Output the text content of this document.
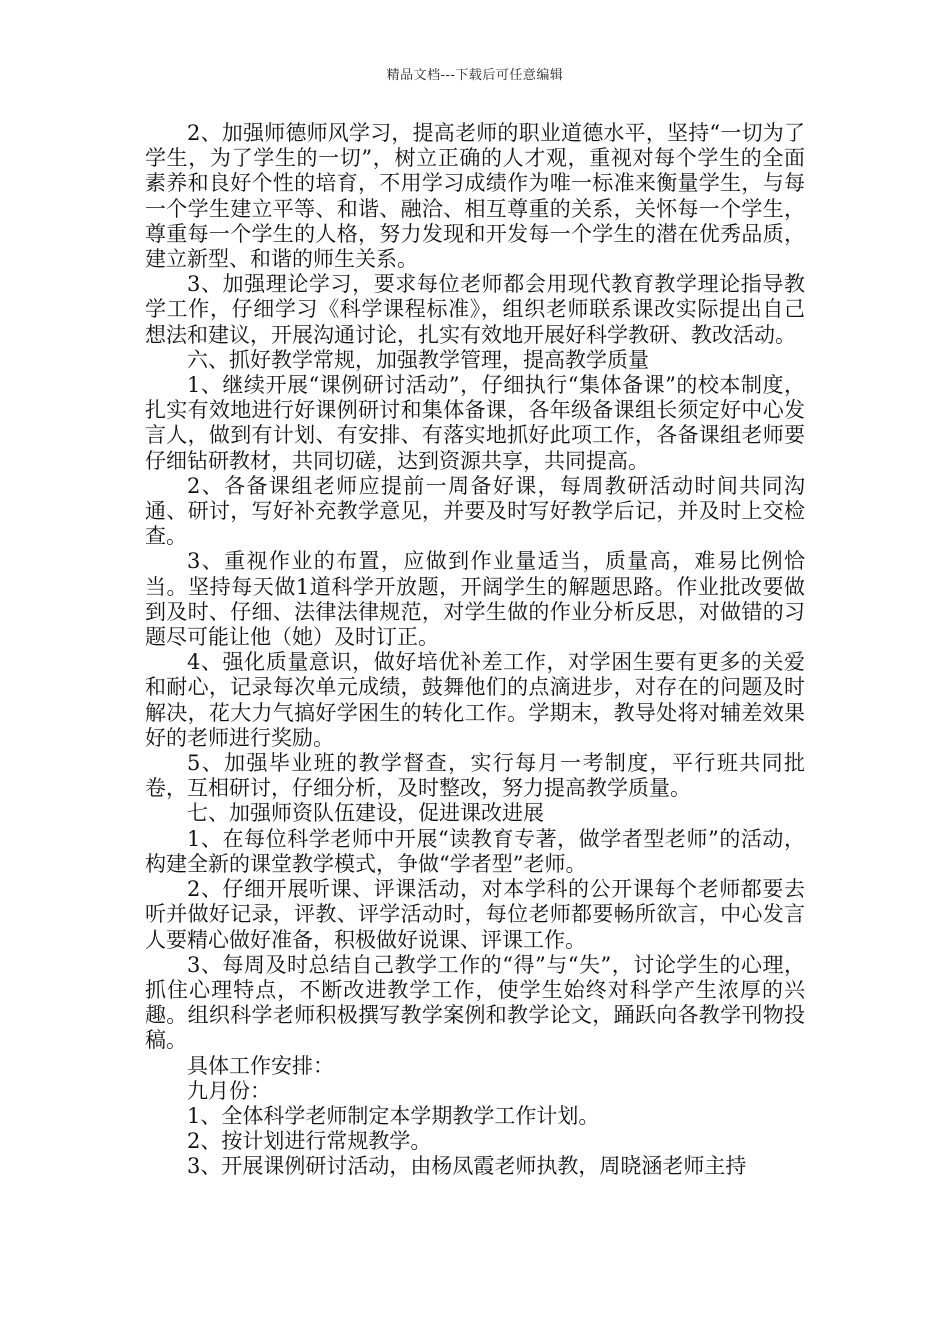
精品文档---下载后可任意编辑

2、加强师德师风学习，提高老师的职业道德水平，坚持“一切为了学生，为了学生的一切”，树立正确的人才观，重视对每个学生的全面素养和良好个性的培育，不用学习成绩作为唯一标准来衡量学生，与每一个学生建立平等、和谐、融洽、相互尊重的关系，关怀每一个学生，尊重每一个学生的人格，努力发现和开发每一个学生的潜在优秀品质，建立新型、和谐的师生关系。

3、加强理论学习，要求每位老师都会用现代教育教学理论指导教学工作，仔细学习《科学课程标准》，组织老师联系课改实际提出自己想法和建议，开展沟通讨论，扎实有效地开展好科学教研、教改活动。

六、抓好教学常规，加强教学管理，提高教学质量

1、继续开展“课例研讨活动”，仔细执行“集体备课”的校本制度，扎实有效地进行好课例研讨和集体备课，各年级备课组长须定好中心发言人，做到有计划、有安排、有落实地抓好此项工作，各备课组老师要仔细钻研教材，共同切磋，达到资源共享，共同提高。

2、各备课组老师应提前一周备好课，每周教研活动时间共同沟通、研讨，写好补充教学意见，并要及时写好教学后记，并及时上交检查。

3、重视作业的布置，应做到作业量适当，质量高，难易比例恰当。坚持每天做1道科学开放题，开阔学生的解题思路。作业批改要做到及时、仔细、法律法律规范，对学生做的作业分析反思，对做错的习题尽可能让他（她）及时订正。

4、强化质量意识，做好培优补差工作，对学困生要有更多的关爱和耐心，记录每次单元成绩，鼓舞他们的点滴进步，对存在的问题及时解决，花大力气搞好学困生的转化工作。学期末，教导处将对辅差效果好的老师进行奖励。

5、加强毕业班的教学督查，实行每月一考制度，平行班共同批卷，互相研讨，仔细分析，及时整改，努力提高教学质量。

七、加强师资队伍建设，促进课改进展

1、在每位科学老师中开展“读教育专著，做学者型老师”的活动，构建全新的课堂教学模式，争做“学者型”老师。

2、仔细开展听课、评课活动，对本学科的公开课每个老师都要去听并做好记录，评教、评学活动时，每位老师都要畅所欲言，中心发言人要精心做好准备，积极做好说课、评课工作。

3、每周及时总结自己教学工作的“得”与“失”，讨论学生的心理，抓住心理特点，不断改进教学工作，使学生始终对科学产生浓厚的兴趣。组织科学老师积极撰写教学案例和教学论文，踊跃向各教学刊物投稿。

具体工作安排：

九月份：

1、全体科学老师制定本学期教学工作计划。

2、按计划进行常规教学。

3、开展课例研讨活动，由杨凤霞老师执教，周晓涵老师主持
